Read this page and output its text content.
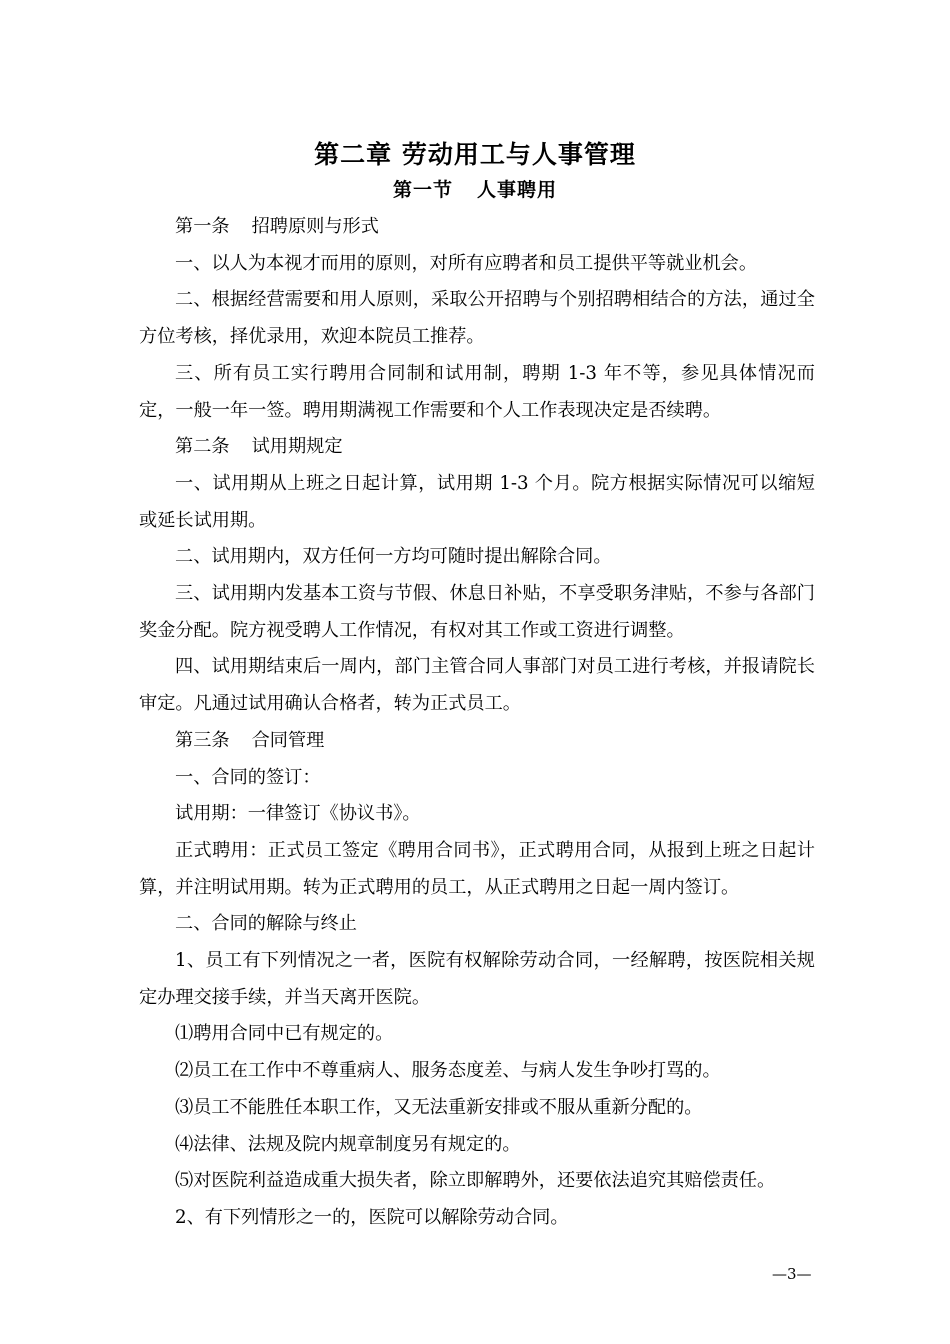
第二章 劳动用工与人事管理
第一节 人事聘用

第一条 招聘原则与形式

一、以人为本视才而用的原则，对所有应聘者和员工提供平等就业机会。

二、根据经营需要和用人原则，采取公开招聘与个别招聘相结合的方法，通过全方位考核，择优录用，欢迎本院员工推荐。

三、所有员工实行聘用合同制和试用制，聘期 1-3 年不等，参见具体情况而定，一般一年一签。聘用期满视工作需要和个人工作表现决定是否续聘。

第二条 试用期规定

一、试用期从上班之日起计算，试用期 1-3 个月。院方根据实际情况可以缩短或延长试用期。

二、试用期内，双方任何一方均可随时提出解除合同。

三、试用期内发基本工资与节假、休息日补贴，不享受职务津贴，不参与各部门奖金分配。院方视受聘人工作情况，有权对其工作或工资进行调整。

四、试用期结束后一周内，部门主管合同人事部门对员工进行考核，并报请院长审定。凡通过试用确认合格者，转为正式员工。

第三条 合同管理

一、合同的签订：

试用期：一律签订《协议书》。

正式聘用：正式员工签定《聘用合同书》，正式聘用合同，从报到上班之日起计算，并注明试用期。转为正式聘用的员工，从正式聘用之日起一周内签订。

二、合同的解除与终止

1、员工有下列情况之一者，医院有权解除劳动合同，一经解聘，按医院相关规定办理交接手续，并当天离开医院。

⑴聘用合同中已有规定的。

⑵员工在工作中不尊重病人、服务态度差、与病人发生争吵打骂的。

⑶员工不能胜任本职工作，又无法重新安排或不服从重新分配的。

⑷法律、法规及院内规章制度另有规定的。

⑸对医院利益造成重大损失者，除立即解聘外，还要依法追究其赔偿责任。

2、有下列情形之一的，医院可以解除劳动合同。

—3—
